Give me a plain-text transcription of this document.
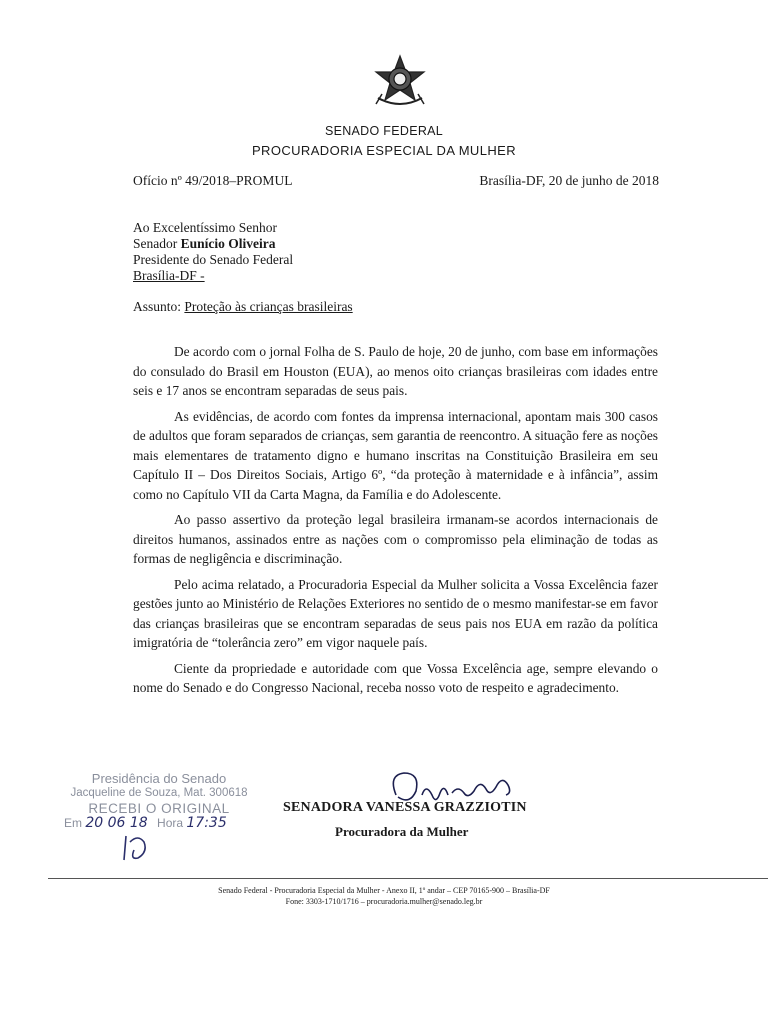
SENADO FEDERAL
PROCURADORIA ESPECIAL DA MULHER
Ofício nº 49/2018–PROMUL	Brasília-DF, 20 de junho de 2018
Ao Excelentíssimo Senhor
Senador Eunício Oliveira
Presidente do Senado Federal
Brasília-DF -
Assunto: Proteção às crianças brasileiras

De acordo com o jornal Folha de S. Paulo de hoje, 20 de junho, com base em informações do consulado do Brasil em Houston (EUA), ao menos oito crianças brasileiras com idades entre seis e 17 anos se encontram separadas de seus pais.

As evidências, de acordo com fontes da imprensa internacional, apontam mais 300 casos de adultos que foram separados de crianças, sem garantia de reencontro. A situação fere as noções mais elementares de tratamento digno e humano inscritas na Constituição Brasileira em seu Capítulo II – Dos Direitos Sociais, Artigo 6º, “da proteção à maternidade e à infância”, assim como no Capítulo VII da Carta Magna, da Família e do Adolescente.

Ao passo assertivo da proteção legal brasileira irmanam-se acordos internacionais de direitos humanos, assinados entre as nações com o compromisso pela eliminação de todas as formas de negligência e discriminação.

Pelo acima relatado, a Procuradoria Especial da Mulher solicita a Vossa Excelência fazer gestões junto ao Ministério de Relações Exteriores no sentido de o mesmo manifestar-se em favor das crianças brasileiras que se encontram separadas de seus pais nos EUA em razão da política imigratória de “tolerância zero” em vigor naquele país.

Ciente da propriedade e autoridade com que Vossa Excelência age, sempre elevando o nome do Senado e do Congresso Nacional, receba nosso voto de respeito e agradecimento.

Presidência do Senado
Jacqueline de Souza, Mat. 300618
RECEBI O ORIGINAL
Em 20 06 18 Hora 17:35
SENADORA VANESSA GRAZZIOTIN
Procuradora da Mulher
Senado Federal - Procuradoria Especial da Mulher - Anexo II, 1º andar – CEP 70165-900 – Brasília-DF
Fone: 3303-1710/1716 – procuradoria.mulher@senado.leg.br
